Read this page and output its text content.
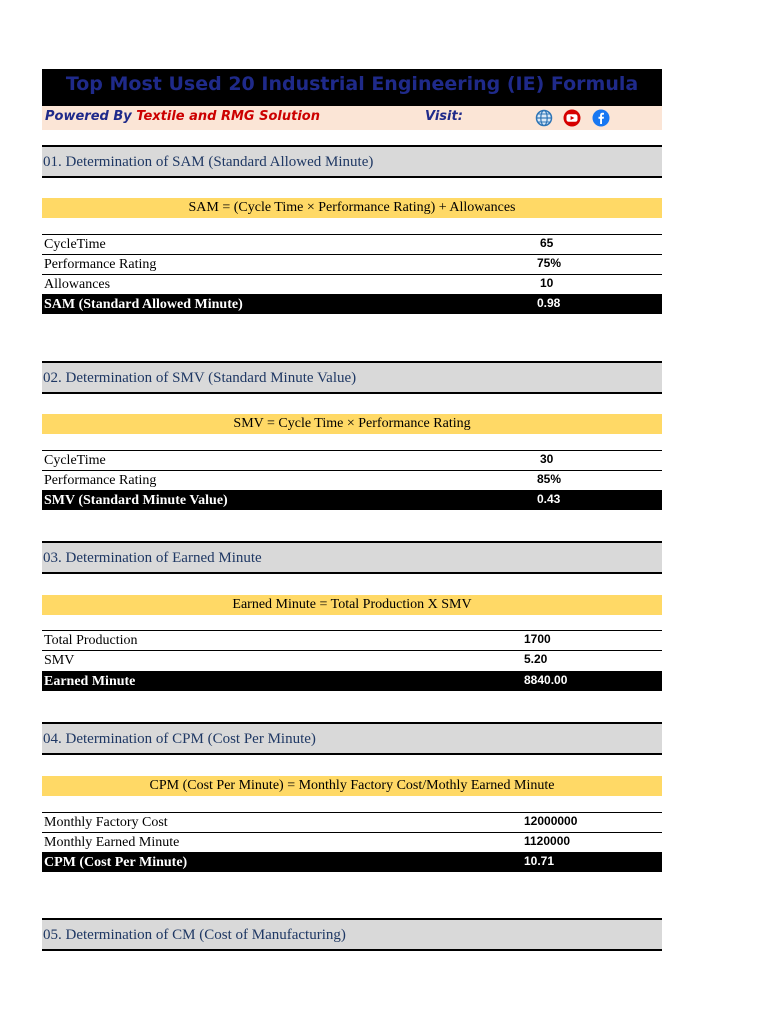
Top Most Used 20 Industrial Engineering (IE) Formula
Powered By Textile and RMG Solution	Visit:
01. Determination of SAM (Standard Allowed Minute)
SAM = (Cycle Time × Performance Rating) + Allowances
CycleTime	65
Performance Rating	75%
Allowances	10
SAM (Standard Allowed Minute)	0.98
02. Determination of SMV (Standard Minute Value)
SMV = Cycle Time × Performance Rating
CycleTime	30
Performance Rating	85%
SMV (Standard Minute Value)	0.43
03. Determination of Earned Minute
Earned Minute = Total Production X SMV
Total Production	1700
SMV	5.20
Earned Minute	8840.00
04. Determination of CPM (Cost Per Minute)
CPM (Cost Per Minute) = Monthly Factory Cost/Mothly Earned Minute
Monthly Factory Cost	12000000
Monthly Earned Minute	1120000
CPM (Cost Per Minute)	10.71
05. Determination of CM (Cost of Manufacturing)
